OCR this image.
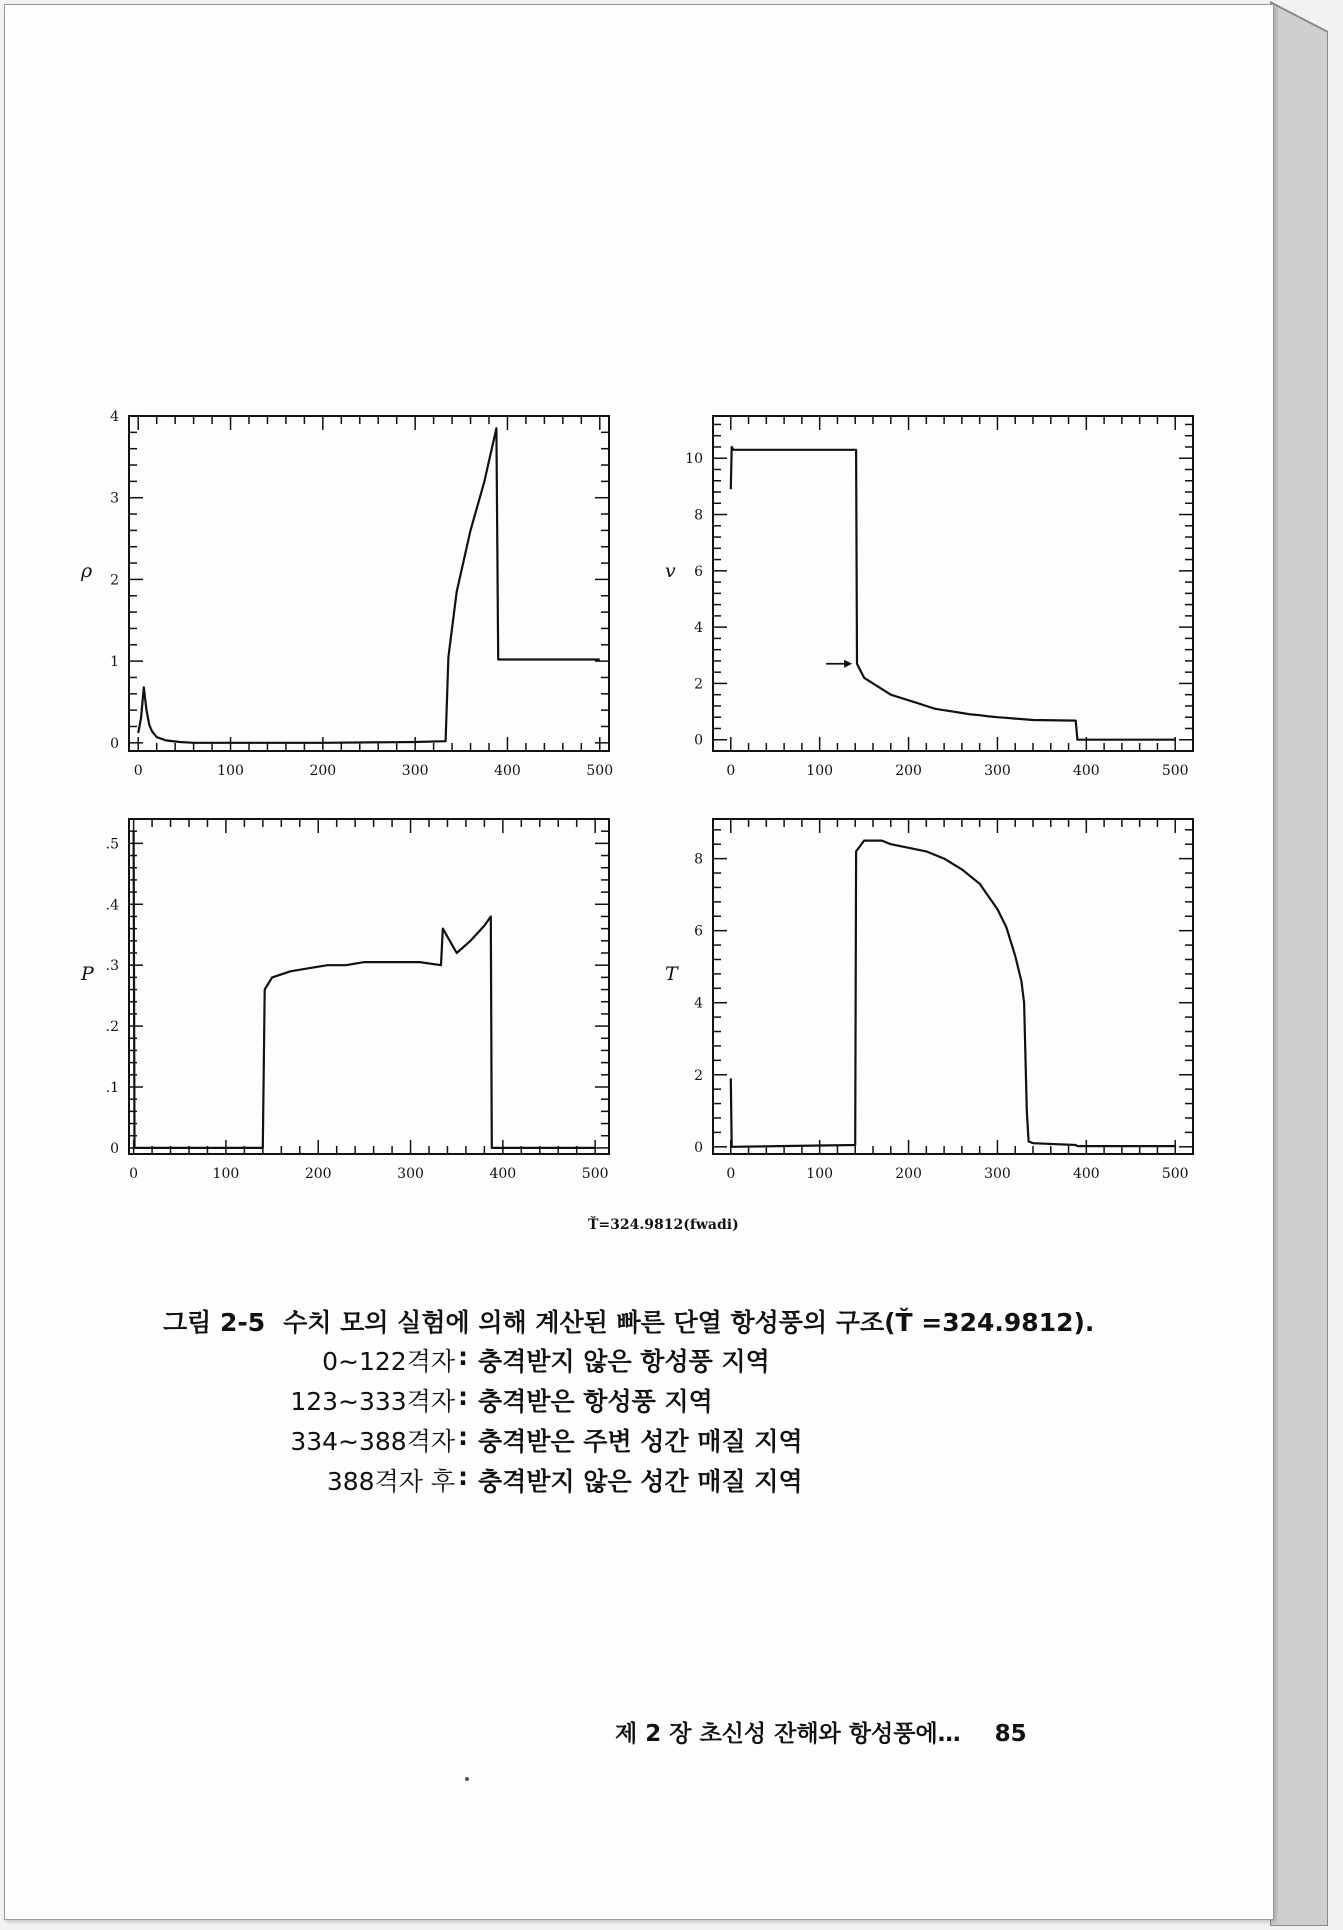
0	100	200	300	400	500
0
1
2
3
4
ρ
0	100	200	300	400	500
0
2
4
6
8
10
v
0	100	200	300	400	500
0
.1
.2
.3
.4
.5
P
0	100	200	300	400	500
0
2
4
6
8
T
Ť=324.9812(fwadi)
그림 2-5 수치 모의 실험에 의해 계산된 빠른 단열 항성풍의 구조(Ť =324.9812).
0∼122격자 : 충격받지 않은 항성풍 지역
123∼333격자 : 충격받은 항성풍 지역
334∼388격자 : 충격받은 주변 성간 매질 지역
388격자 후 : 충격받지 않은 성간 매질 지역
제 2 장 초신성 잔해와 항성풍에… 85
